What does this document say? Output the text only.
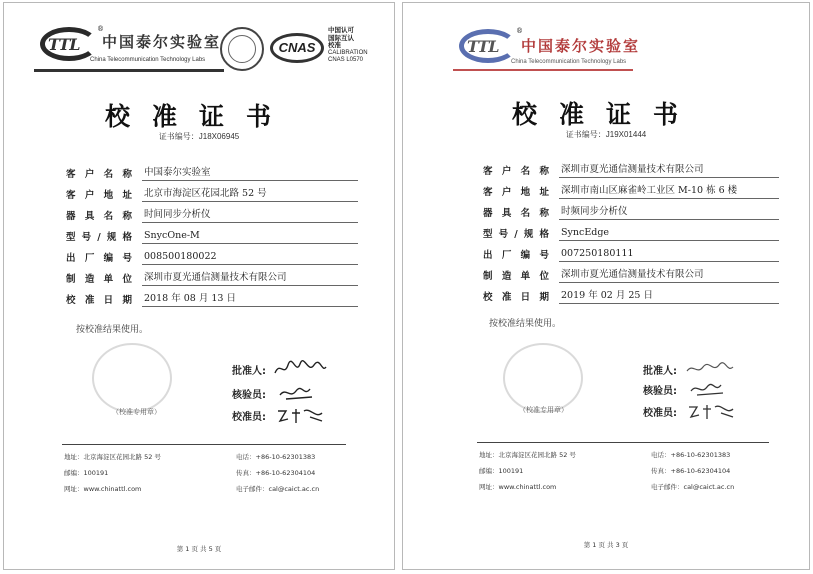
TTL
®
中国泰尔实验室
China Telecommunication Technology Labs
CNAS
中国认可
国际互认
校准
CALIBRATION
CNAS L0570
校准证书
证书编号：J18X06945
客户名称 中国泰尔实验室
客户地址 北京市海淀区花园北路 52 号
器具名称 时间同步分析仪
型号/规格 SnycOne-M
出厂编号 008500180022
制造单位 深圳市夏光通信测量技术有限公司
校准日期 2018 年 08 月 13 日
按校准结果使用。
（校准专用章）
批准人:
核验员:
校准员:
地址：北京海淀区花园北路 52 号
邮编：100191
网址：www.chinattl.com
电话：+86-10-62301383
传真：+86-10-62304104
电子邮件：cal@caict.ac.cn
第 1 页 共 5 页
TTL
®
中国泰尔实验室
China Telecommunication Technology Labs
校准证书
证书编号：J19X01444
客户名称 深圳市夏光通信测量技术有限公司
客户地址 深圳市南山区麻雀岭工业区 M-10 栋 6 楼
器具名称 时频同步分析仪
型号/规格 SyncEdge
出厂编号 007250180111
制造单位 深圳市夏光通信测量技术有限公司
校准日期 2019 年 02 月 25 日
按校准结果使用。
（校准专用章）
批准人:
核验员:
校准员:
地址：北京海淀区花园北路 52 号
邮编：100191
网址：www.chinattl.com
电话：+86-10-62301383
传真：+86-10-62304104
电子邮件：cal@caict.ac.cn
第 1 页 共 3 页
